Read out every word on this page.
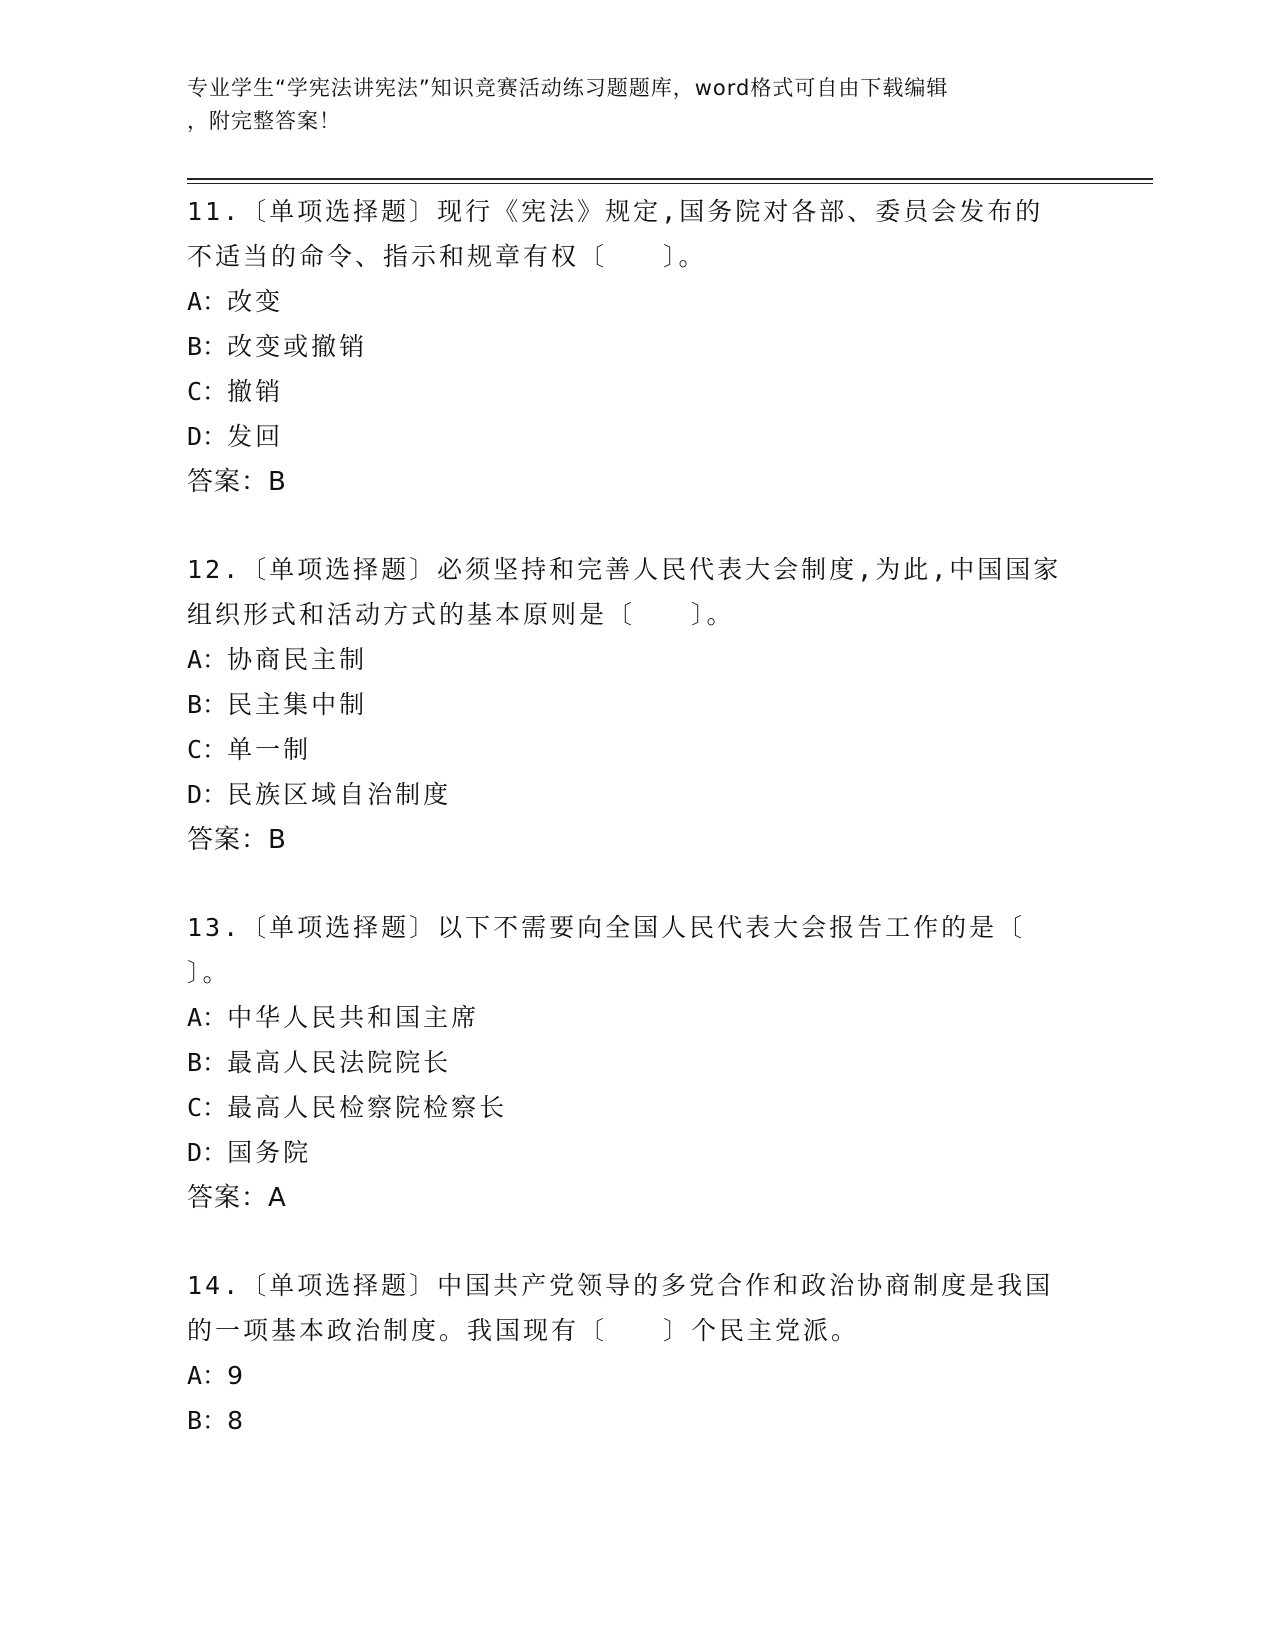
专业学生“学宪法讲宪法”知识竞赛活动练习题题库，word格式可自由下载编辑
，附完整答案！
11.〔单项选择题〕现行《宪法》规定,国务院对各部、委员会发布的
不适当的命令、指示和规章有权〔　　〕。
A：改变
B：改变或撤销
C：撤销
D：发回
答案：B
12.〔单项选择题〕必须坚持和完善人民代表大会制度,为此,中国国家
组织形式和活动方式的基本原则是〔　　〕。
A：协商民主制
B：民主集中制
C：单一制
D：民族区域自治制度
答案：B
13.〔单项选择题〕以下不需要向全国人民代表大会报告工作的是〔
〕。
A：中华人民共和国主席
B：最高人民法院院长
C：最高人民检察院检察长
D：国务院
答案：A
14.〔单项选择题〕中国共产党领导的多党合作和政治协商制度是我国
的一项基本政治制度。我国现有〔　　〕个民主党派。
A：9
B：8
